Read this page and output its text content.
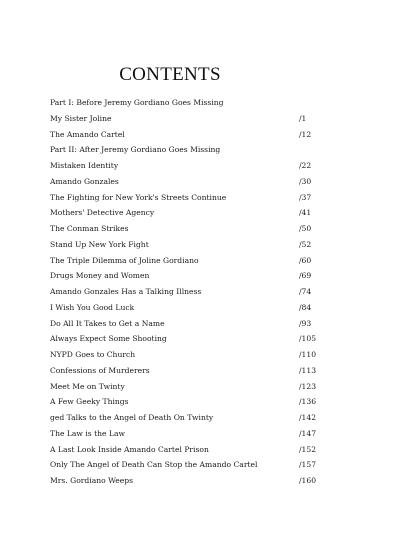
CONTENTS
Part I: Before Jeremy Gordiano Goes Missing
My Sister Joline	/1
The Amando Cartel	/12
Part II: After Jeremy Gordiano Goes Missing
Mistaken Identity	/22
Amando Gonzales	/30
The Fighting for New York's Streets Continue	/37
Mothers' Detective Agency	/41
The Conman Strikes	/50
Stand Up New York Fight	/52
The Triple Dilemma of Joline Gordiano	/60
Drugs Money and Women	/69
Amando Gonzales Has a Talking Illness	/74
I Wish You Good Luck	/84
Do All It Takes to Get a Name	/93
Always Expect Some Shooting	/105
NYPD Goes to Church	/110
Confessions of Murderers	/113
Meet Me on Twinty	/123
A Few Geeky Things	/136
ged Talks to the Angel of Death On Twinty	/142
The Law is the Law	/147
A Last Look Inside Amando Cartel Prison	/152
Only The Angel of Death Can Stop the Amando Cartel	/157
Mrs. Gordiano Weeps	/160
